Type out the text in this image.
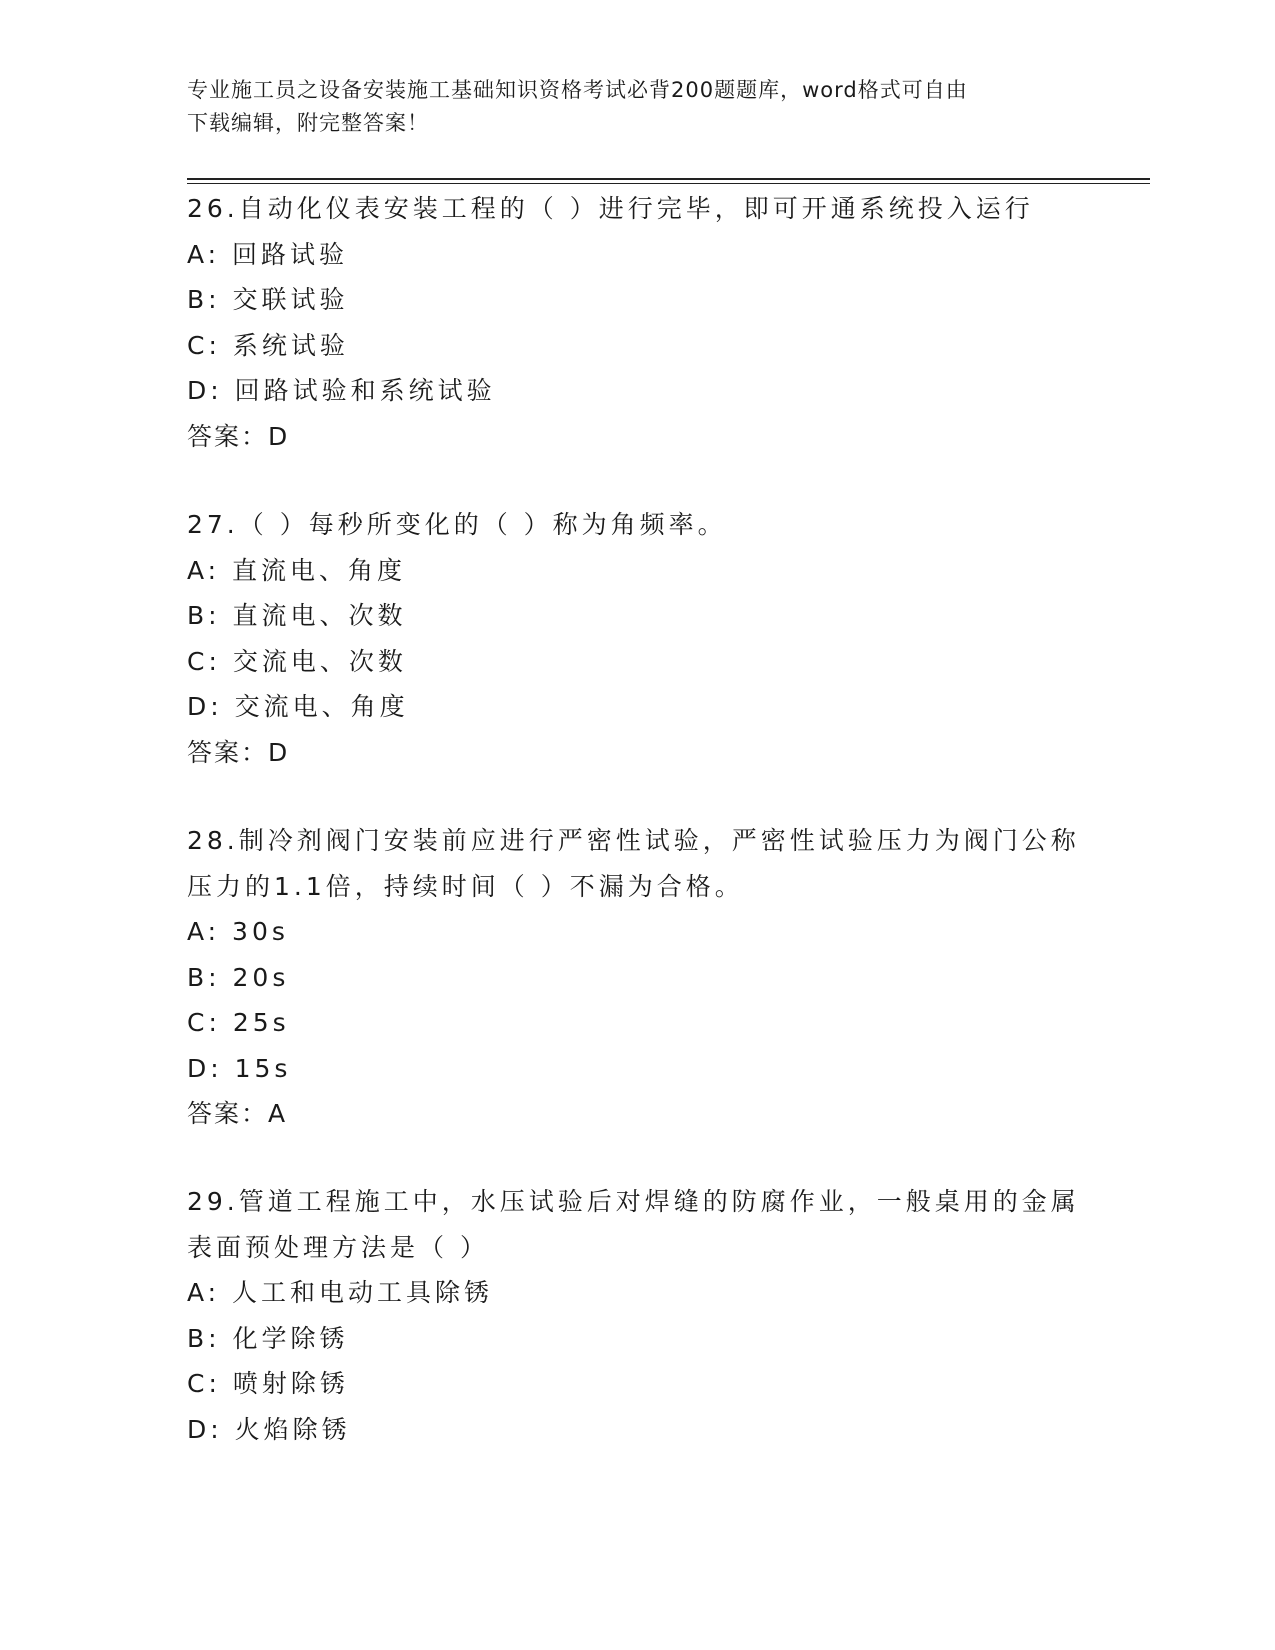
专业施工员之设备安装施工基础知识资格考试必背200题题库，word格式可自由
下载编辑，附完整答案！
26.自动化仪表安装工程的（ ）进行完毕，即可开通系统投入运行
A: 回路试验
B: 交联试验
C: 系统试验
D: 回路试验和系统试验
答案：D
27.（ ）每秒所变化的（ ）称为角频率。
A: 直流电、角度
B: 直流电、次数
C: 交流电、次数
D: 交流电、角度
答案：D
28.制冷剂阀门安装前应进行严密性试验，严密性试验压力为阀门公称
压力的1.1倍，持续时间（ ）不漏为合格。
A: 30s
B: 20s
C: 25s
D: 15s
答案：A
29.管道工程施工中，水压试验后对焊缝的防腐作业，一般桌用的金属
表面预处理方法是（ ）
A: 人工和电动工具除锈
B: 化学除锈
C: 喷射除锈
D: 火焰除锈
